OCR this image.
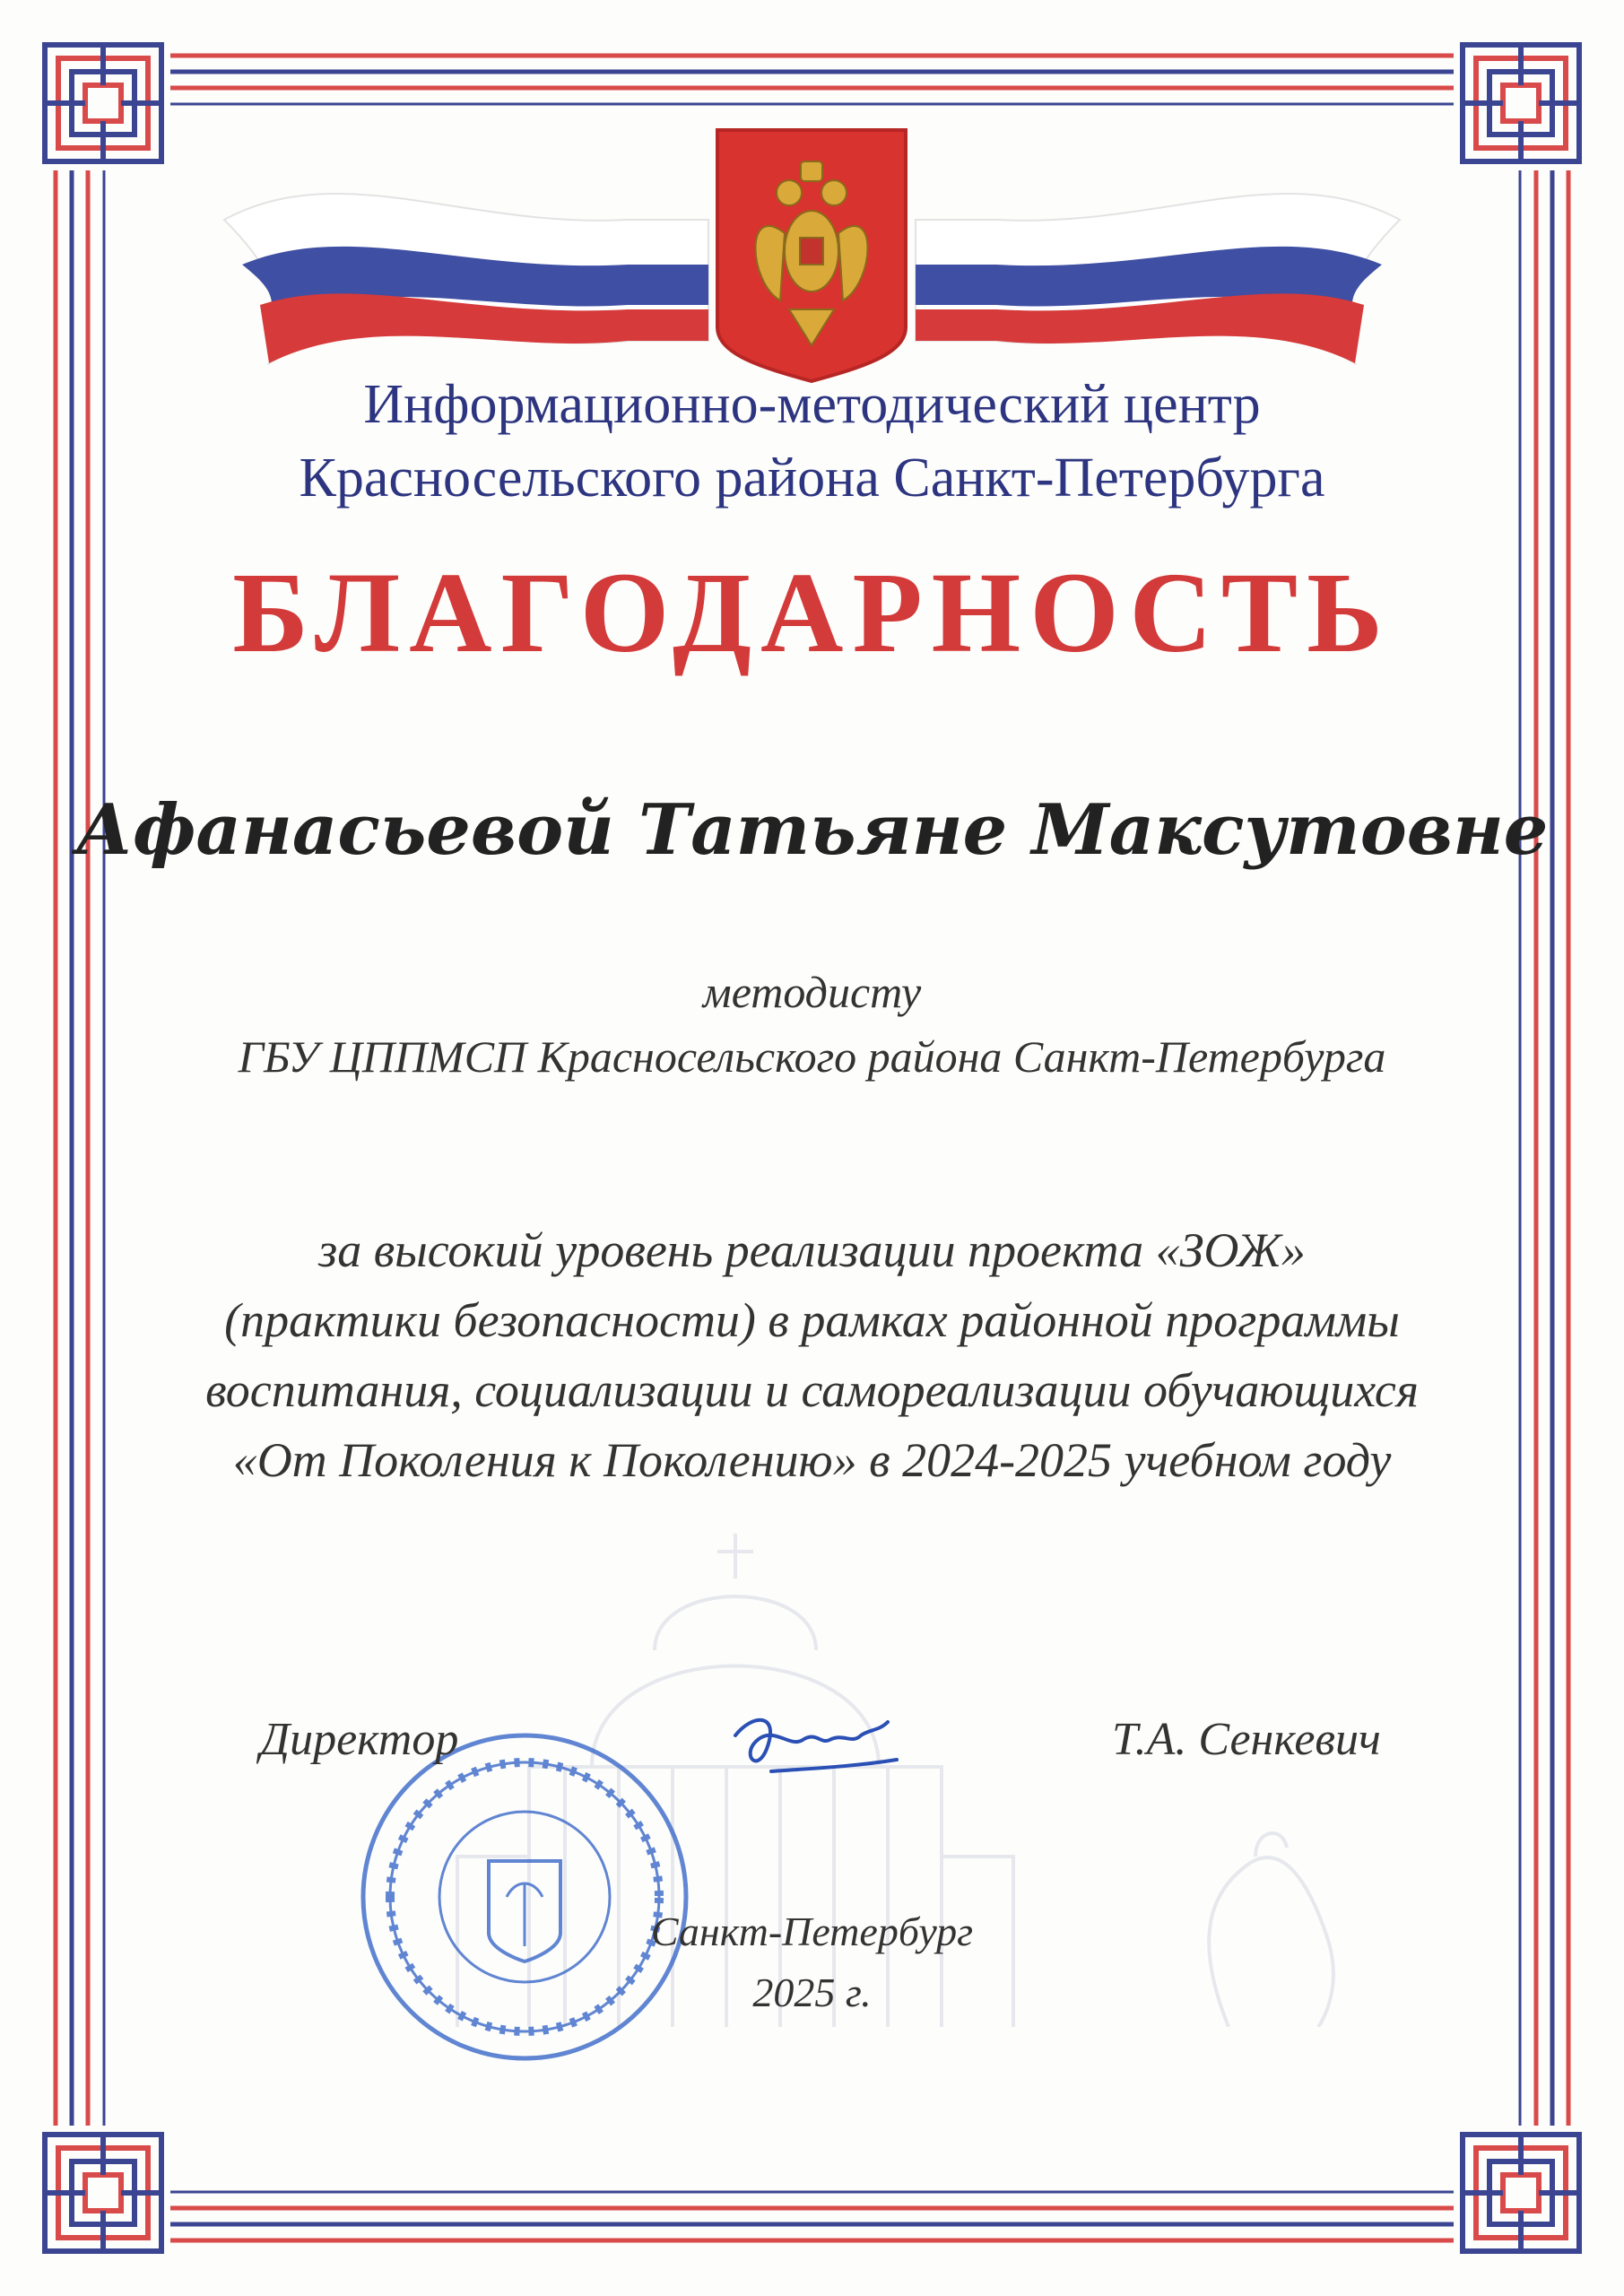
Информационно-методический центр
Красносельского района Санкт-Петербурга
БЛАГОДАРНОСТЬ
Афанасьевой Татьяне Максутовне
методисту
ГБУ ЦППМСП Красносельского района Санкт-Петербурга
за высокий уровень реализации проекта «ЗОЖ»
(практики безопасности) в рамках районной программы
воспитания, социализации и самореализации обучающихся
«От Поколения к Поколению» в 2024-2025 учебном году
Директор	Т.А. Сенкевич
Санкт-Петербург
2025 г.
